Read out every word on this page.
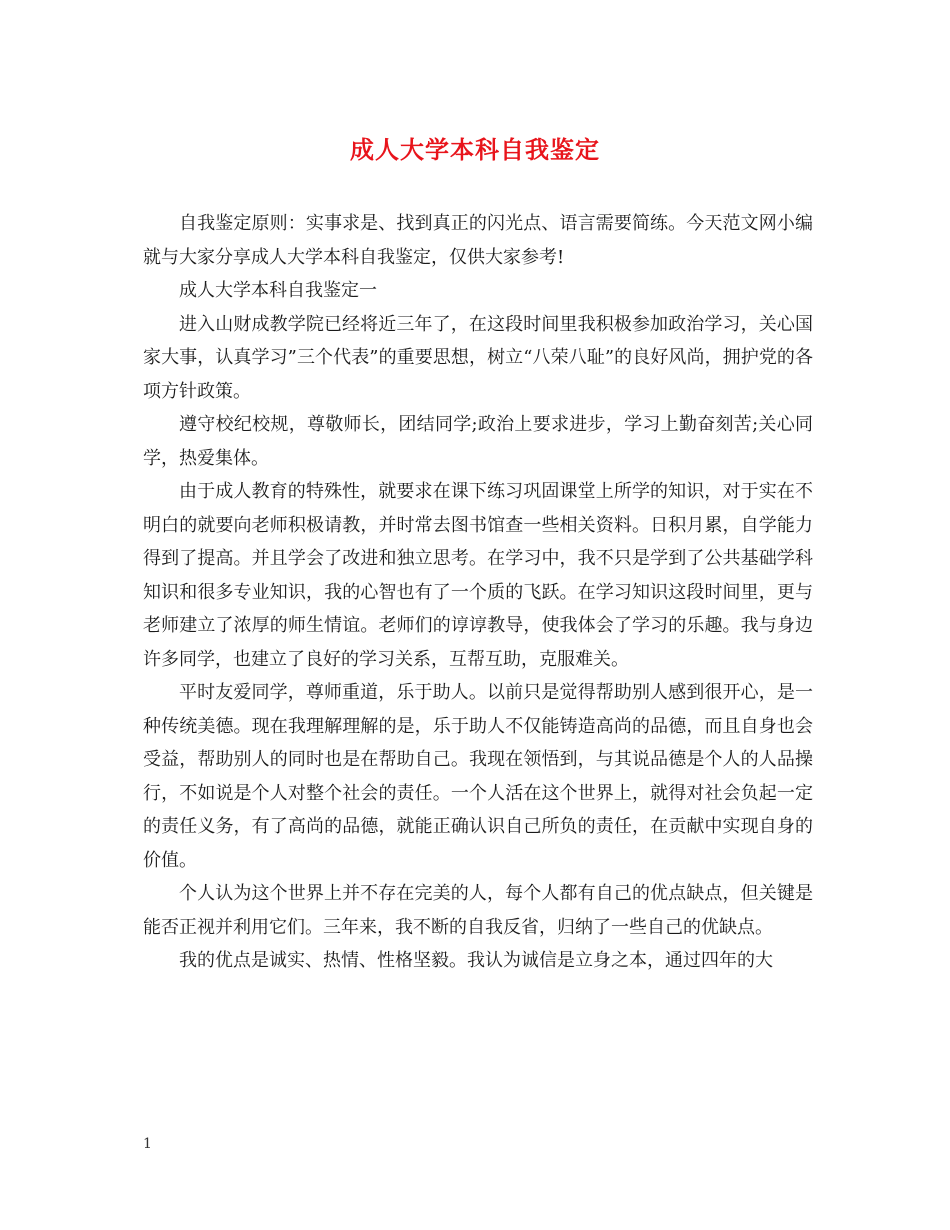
成人大学本科自我鉴定

自我鉴定原则：实事求是、找到真正的闪光点、语言需要简练。今天范文网小编就与大家分享成人大学本科自我鉴定，仅供大家参考!

成人大学本科自我鉴定一

进入山财成教学院已经将近三年了，在这段时间里我积极参加政治学习，关心国家大事，认真学习”三个代表”的重要思想，树立“八荣八耻”的良好风尚，拥护党的各项方针政策。

遵守校纪校规，尊敬师长，团结同学;政治上要求进步，学习上勤奋刻苦;关心同学，热爱集体。

由于成人教育的特殊性，就要求在课下练习巩固课堂上所学的知识，对于实在不明白的就要向老师积极请教，并时常去图书馆查一些相关资料。日积月累，自学能力得到了提高。并且学会了改进和独立思考。在学习中，我不只是学到了公共基础学科知识和很多专业知识，我的心智也有了一个质的飞跃。在学习知识这段时间里，更与老师建立了浓厚的师生情谊。老师们的谆谆教导，使我体会了学习的乐趣。我与身边许多同学，也建立了良好的学习关系，互帮互助，克服难关。

平时友爱同学，尊师重道，乐于助人。以前只是觉得帮助别人感到很开心，是一种传统美德。现在我理解理解的是，乐于助人不仅能铸造高尚的品德，而且自身也会受益，帮助别人的同时也是在帮助自己。我现在领悟到，与其说品德是个人的人品操行，不如说是个人对整个社会的责任。一个人活在这个世界上，就得对社会负起一定的责任义务，有了高尚的品德，就能正确认识自己所负的责任，在贡献中实现自身的价值。

个人认为这个世界上并不存在完美的人，每个人都有自己的优点缺点，但关键是能否正视并利用它们。三年来，我不断的自我反省，归纳了一些自己的优缺点。

我的优点是诚实、热情、性格坚毅。我认为诚信是立身之本，通过四年的大

1
